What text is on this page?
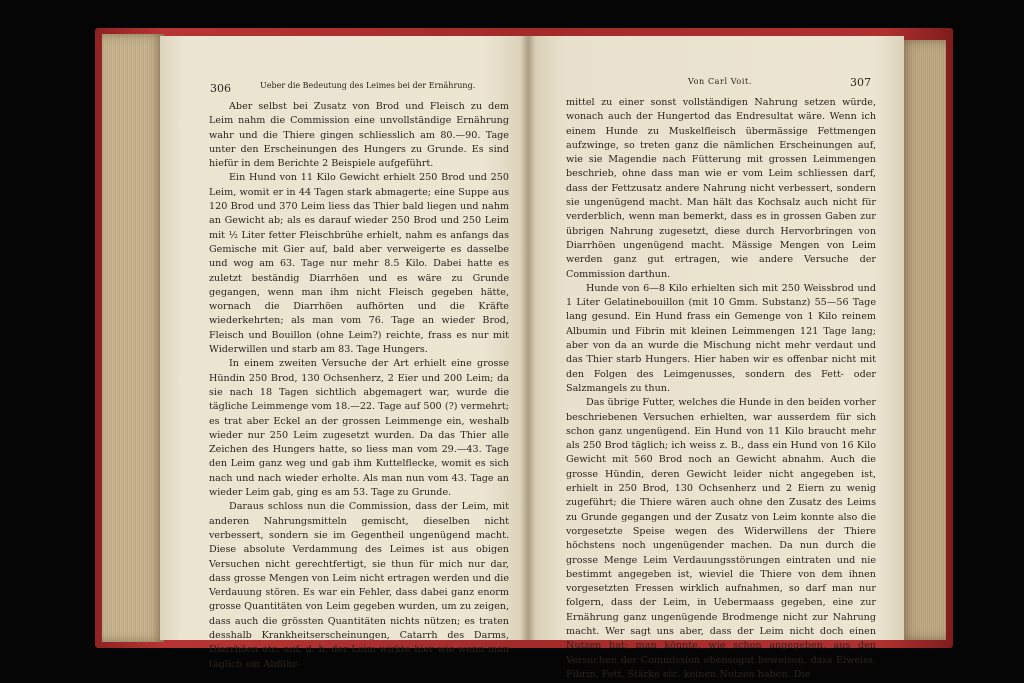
306	Ueber die Bedeutung des Leimes bei der Ernährung.

Aber selbst bei Zusatz von Brod und Fleisch zu dem Leim nahm die Commission eine unvollständige Ernährung wahr und die Thiere gingen schliesslich am 80.—90. Tage unter den Erscheinungen des Hungers zu Grunde. Es sind hiefür in dem Berichte 2 Beispiele aufgeführt.

Ein Hund von 11 Kilo Gewicht erhielt 250 Brod und 250 Leim, womit er in 44 Tagen stark abmagerte; eine Suppe aus 120 Brod und 370 Leim liess das Thier bald liegen und nahm an Gewicht ab; als es darauf wieder 250 Brod und 250 Leim mit ½ Liter fetter Fleischbrühe erhielt, nahm es anfangs das Gemische mit Gier auf, bald aber verweigerte es dasselbe und wog am 63. Tage nur mehr 8.5 Kilo. Dabei hatte es zuletzt beständig Diarrhöen und es wäre zu Grunde gegangen, wenn man ihm nicht Fleisch gegeben hätte, wornach die Diarrhöen aufhörten und die Kräfte wiederkehrten; als man vom 76. Tage an wieder Brod, Fleisch und Bouillon (ohne Leim?) reichte, frass es nur mit Widerwillen und starb am 83. Tage Hungers.

In einem zweiten Versuche der Art erhielt eine grosse Hündin 250 Brod, 130 Ochsenherz, 2 Eier und 200 Leim; da sie nach 18 Tagen sichtlich abgemagert war, wurde die tägliche Leimmenge vom 18.—22. Tage auf 500 (?) vermehrt; es trat aber Eckel an der grossen Leimmenge ein, weshalb wieder nur 250 Leim zugesetzt wurden. Da das Thier alle Zeichen des Hungers hatte, so liess man vom 29.—43. Tage den Leim ganz weg und gab ihm Kuttelflecke, womit es sich nach und nach wieder erholte. Als man nun vom 43. Tage an wieder Leim gab, ging es am 53. Tage zu Grunde.

Daraus schloss nun die Commission, dass der Leim, mit anderen Nahrungsmitteln gemischt, dieselben nicht verbessert, sondern sie im Gegentheil ungenügend macht. Diese absolute Verdammung des Leimes ist aus obigen Versuchen nicht gerechtfertigt, sie thun für mich nur dar, dass grosse Mengen von Leim nicht ertragen werden und die Verdauung stören. Es war ein Fehler, dass dabei ganz enorm grosse Quantitäten von Leim gegeben wurden, um zu zeigen, dass auch die grössten Quantitäten nichts nützen; es traten desshalb Krankheitserscheinungen, Catarrh des Darms, Diarrhöen etc. auf, d. h. der Leim wirkte hier wie wenn man täglich ein Abführ-

Von Carl Voit.	307

mittel zu einer sonst vollständigen Nahrung setzen würde, wonach auch der Hungertod das Endresultat wäre. Wenn ich einem Hunde zu Muskelfleisch übermässige Fettmengen aufzwinge, so treten ganz die nämlichen Erscheinungen auf, wie sie Magendie nach Fütterung mit grossen Leimmengen beschrieb, ohne dass man wie er vom Leim schliessen darf, dass der Fettzusatz andere Nahrung nicht verbessert, sondern sie ungenügend macht. Man hält das Kochsalz auch nicht für verderblich, wenn man bemerkt, dass es in grossen Gaben zur übrigen Nahrung zugesetzt, diese durch Hervorbringen von Diarrhöen ungenügend macht. Mässige Mengen von Leim werden ganz gut ertragen, wie andere Versuche der Commission darthun.

Hunde von 6—8 Kilo erhielten sich mit 250 Weissbrod und 1 Liter Gelatinebouillon (mit 10 Gmm. Substanz) 55—56 Tage lang gesund. Ein Hund frass ein Gemenge von 1 Kilo reinem Albumin und Fibrin mit kleinen Leimmengen 121 Tage lang; aber von da an wurde die Mischung nicht mehr verdaut und das Thier starb Hungers. Hier haben wir es offenbar nicht mit den Folgen des Leimgenusses, sondern des Fett- oder Salzmangels zu thun.

Das übrige Futter, welches die Hunde in den beiden vorher beschriebenen Versuchen erhielten, war ausserdem für sich schon ganz ungenügend. Ein Hund von 11 Kilo braucht mehr als 250 Brod täglich; ich weiss z. B., dass ein Hund von 16 Kilo Gewicht mit 560 Brod noch an Gewicht abnahm. Auch die grosse Hündin, deren Gewicht leider nicht angegeben ist, erhielt in 250 Brod, 130 Ochsenherz und 2 Eiern zu wenig zugeführt; die Thiere wären auch ohne den Zusatz des Leims zu Grunde gegangen und der Zusatz von Leim konnte also die vorgesetzte Speise wegen des Widerwillens der Thiere höchstens noch ungenügender machen. Da nun durch die grosse Menge Leim Verdauungsstörungen eintraten und nie bestimmt angegeben ist, wieviel die Thiere von dem ihnen vorgesetzten Fressen wirklich aufnahmen, so darf man nur folgern, dass der Leim, in Uebermaass gegeben, eine zur Ernährung ganz ungenügende Brodmenge nicht zur Nahrung macht. Wer sagt uns aber, dass der Leim nicht doch einen Nutzen hat; man könnte, wie schon angegeben, aus den Versuchen der Commission ebensogut beweisen, dass Eiweiss, Fibrin, Fett, Stärke etc. keinen Nutzen haben. Die
